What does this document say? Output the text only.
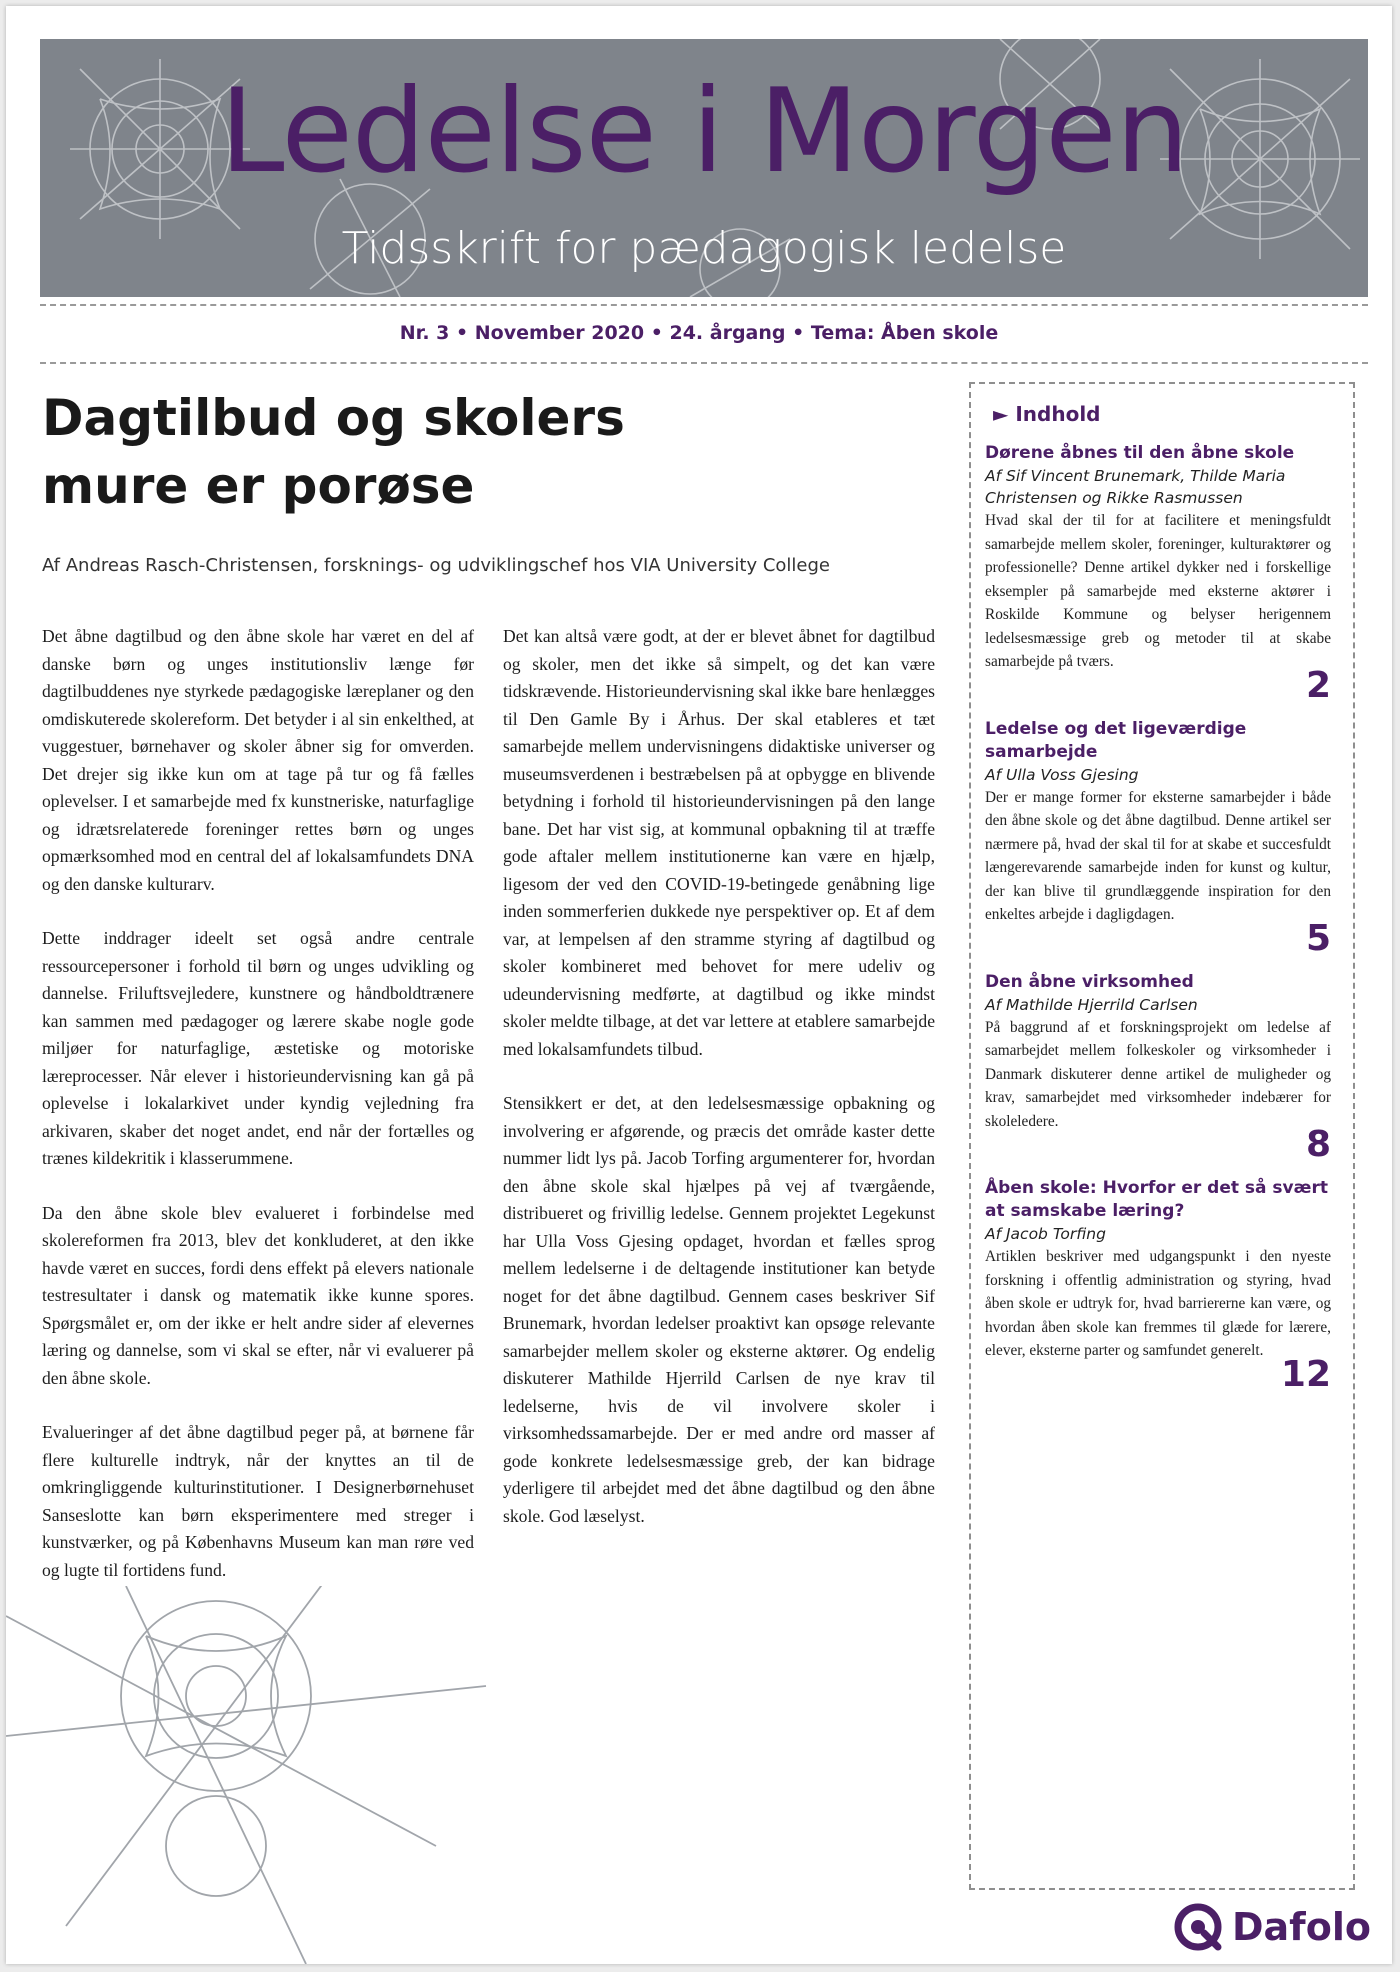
Ledelse i Morgen
Tidsskrift for pædagogisk ledelse
Nr. 3 • November 2020 • 24. årgang • Tema: Åben skole
Dagtilbud og skolers
mure er porøse
Af Andreas Rasch-Christensen, forsknings- og udviklingschef hos VIA University College

Det åbne dagtilbud og den åbne skole har været en del af danske børn og unges institutionsliv længe før dagtilbuddenes nye styrkede pædagogiske læreplaner og den omdiskuterede skolereform. Det betyder i al sin enkelthed, at vuggestuer, børnehaver og skoler åbner sig for omverden. Det drejer sig ikke kun om at tage på tur og få fælles oplevelser. I et samarbejde med fx kunstneriske, naturfaglige og idrætsrelaterede foreninger rettes børn og unges opmærksomhed mod en central del af lokalsamfundets DNA og den danske kulturarv.

Dette inddrager ideelt set også andre centrale ressourcepersoner i forhold til børn og unges udvikling og dannelse. Friluftsvejledere, kunstnere og håndboldtrænere kan sammen med pædagoger og lærere skabe nogle gode miljøer for naturfaglige, æstetiske og motoriske læreprocesser. Når elever i historieundervisning kan gå på oplevelse i lokalarkivet under kyndig vejledning fra arkivaren, skaber det noget andet, end når der fortælles og trænes kildekritik i klasserummene.

Da den åbne skole blev evalueret i forbindelse med skolereformen fra 2013, blev det konkluderet, at den ikke havde været en succes, fordi dens effekt på elevers nationale testresultater i dansk og matematik ikke kunne spores. Spørgsmålet er, om der ikke er helt andre sider af elevernes læring og dannelse, som vi skal se efter, når vi evaluerer på den åbne skole.

Evalueringer af det åbne dagtilbud peger på, at børnene får flere kulturelle indtryk, når der knyttes an til de omkringliggende kulturinstitutioner. I Designerbørnehuset Sanseslotte kan børn eksperimentere med streger i kunstværker, og på Københavns Museum kan man røre ved og lugte til fortidens fund.

Det kan altså være godt, at der er blevet åbnet for dagtilbud og skoler, men det ikke så simpelt, og det kan være tidskrævende. Historieundervisning skal ikke bare henlægges til Den Gamle By i Århus. Der skal etableres et tæt samarbejde mellem undervisningens didaktiske universer og museumsverdenen i bestræbelsen på at opbygge en blivende betydning i forhold til historieundervisningen på den lange bane. Det har vist sig, at kommunal opbakning til at træffe gode aftaler mellem institutionerne kan være en hjælp, ligesom der ved den COVID-19-betingede genåbning lige inden sommerferien dukkede nye perspektiver op. Et af dem var, at lempelsen af den stramme styring af dagtilbud og skoler kombineret med behovet for mere udeliv og udeundervisning medførte, at dagtilbud og ikke mindst skoler meldte tilbage, at det var lettere at etablere samarbejde med lokalsamfundets tilbud.

Stensikkert er det, at den ledelsesmæssige opbakning og involvering er afgørende, og præcis det område kaster dette nummer lidt lys på. Jacob Torfing argumenterer for, hvordan den åbne skole skal hjælpes på vej af tværgående, distribueret og frivillig ledelse. Gennem projektet Legekunst har Ulla Voss Gjesing opdaget, hvordan et fælles sprog mellem ledelserne i de deltagende institutioner kan betyde noget for det åbne dagtilbud. Gennem cases beskriver Sif Brunemark, hvordan ledelser proaktivt kan opsøge relevante samarbejder mellem skoler og eksterne aktører. Og endelig diskuterer Mathilde Hjerrild Carlsen de nye krav til ledelserne, hvis de vil involvere skoler i virksomhedssamarbejde. Der er med andre ord masser af gode konkrete ledelsesmæssige greb, der kan bidrage yderligere til arbejdet med det åbne dagtilbud og den åbne skole. God læselyst.

► Indhold
Dørene åbnes til den åbne skole
Af Sif Vincent Brunemark, Thilde Maria Christensen og Rikke Rasmussen
Hvad skal der til for at facilitere et meningsfuldt samarbejde mellem skoler, foreninger, kulturaktører og professionelle? Denne artikel dykker ned i forskellige eksempler på samarbejde med eksterne aktører i Roskilde Kommune og belyser herigennem ledelsesmæssige greb og metoder til at skabe samarbejde på tværs.
2
Ledelse og det ligeværdige samarbejde
Af Ulla Voss Gjesing
Der er mange former for eksterne samarbejder i både den åbne skole og det åbne dagtilbud. Denne artikel ser nærmere på, hvad der skal til for at skabe et succesfuldt længerevarende samarbejde inden for kunst og kultur, der kan blive til grundlæggende inspiration for den enkeltes arbejde i dagligdagen.
5
Den åbne virksomhed
Af Mathilde Hjerrild Carlsen
På baggrund af et forskningsprojekt om ledelse af samarbejdet mellem folkeskoler og virksomheder i Danmark diskuterer denne artikel de muligheder og krav, samarbejdet med virksomheder indebærer for skoleledere.
8
Åben skole: Hvorfor er det så svært at samskabe læring?
Af Jacob Torfing
Artiklen beskriver med udgangspunkt i den nyeste forskning i offentlig administration og styring, hvad åben skole er udtryk for, hvad barriererne kan være, og hvordan åben skole kan fremmes til glæde for lærere, elever, eksterne parter og samfundet generelt.
12
Dafolo
